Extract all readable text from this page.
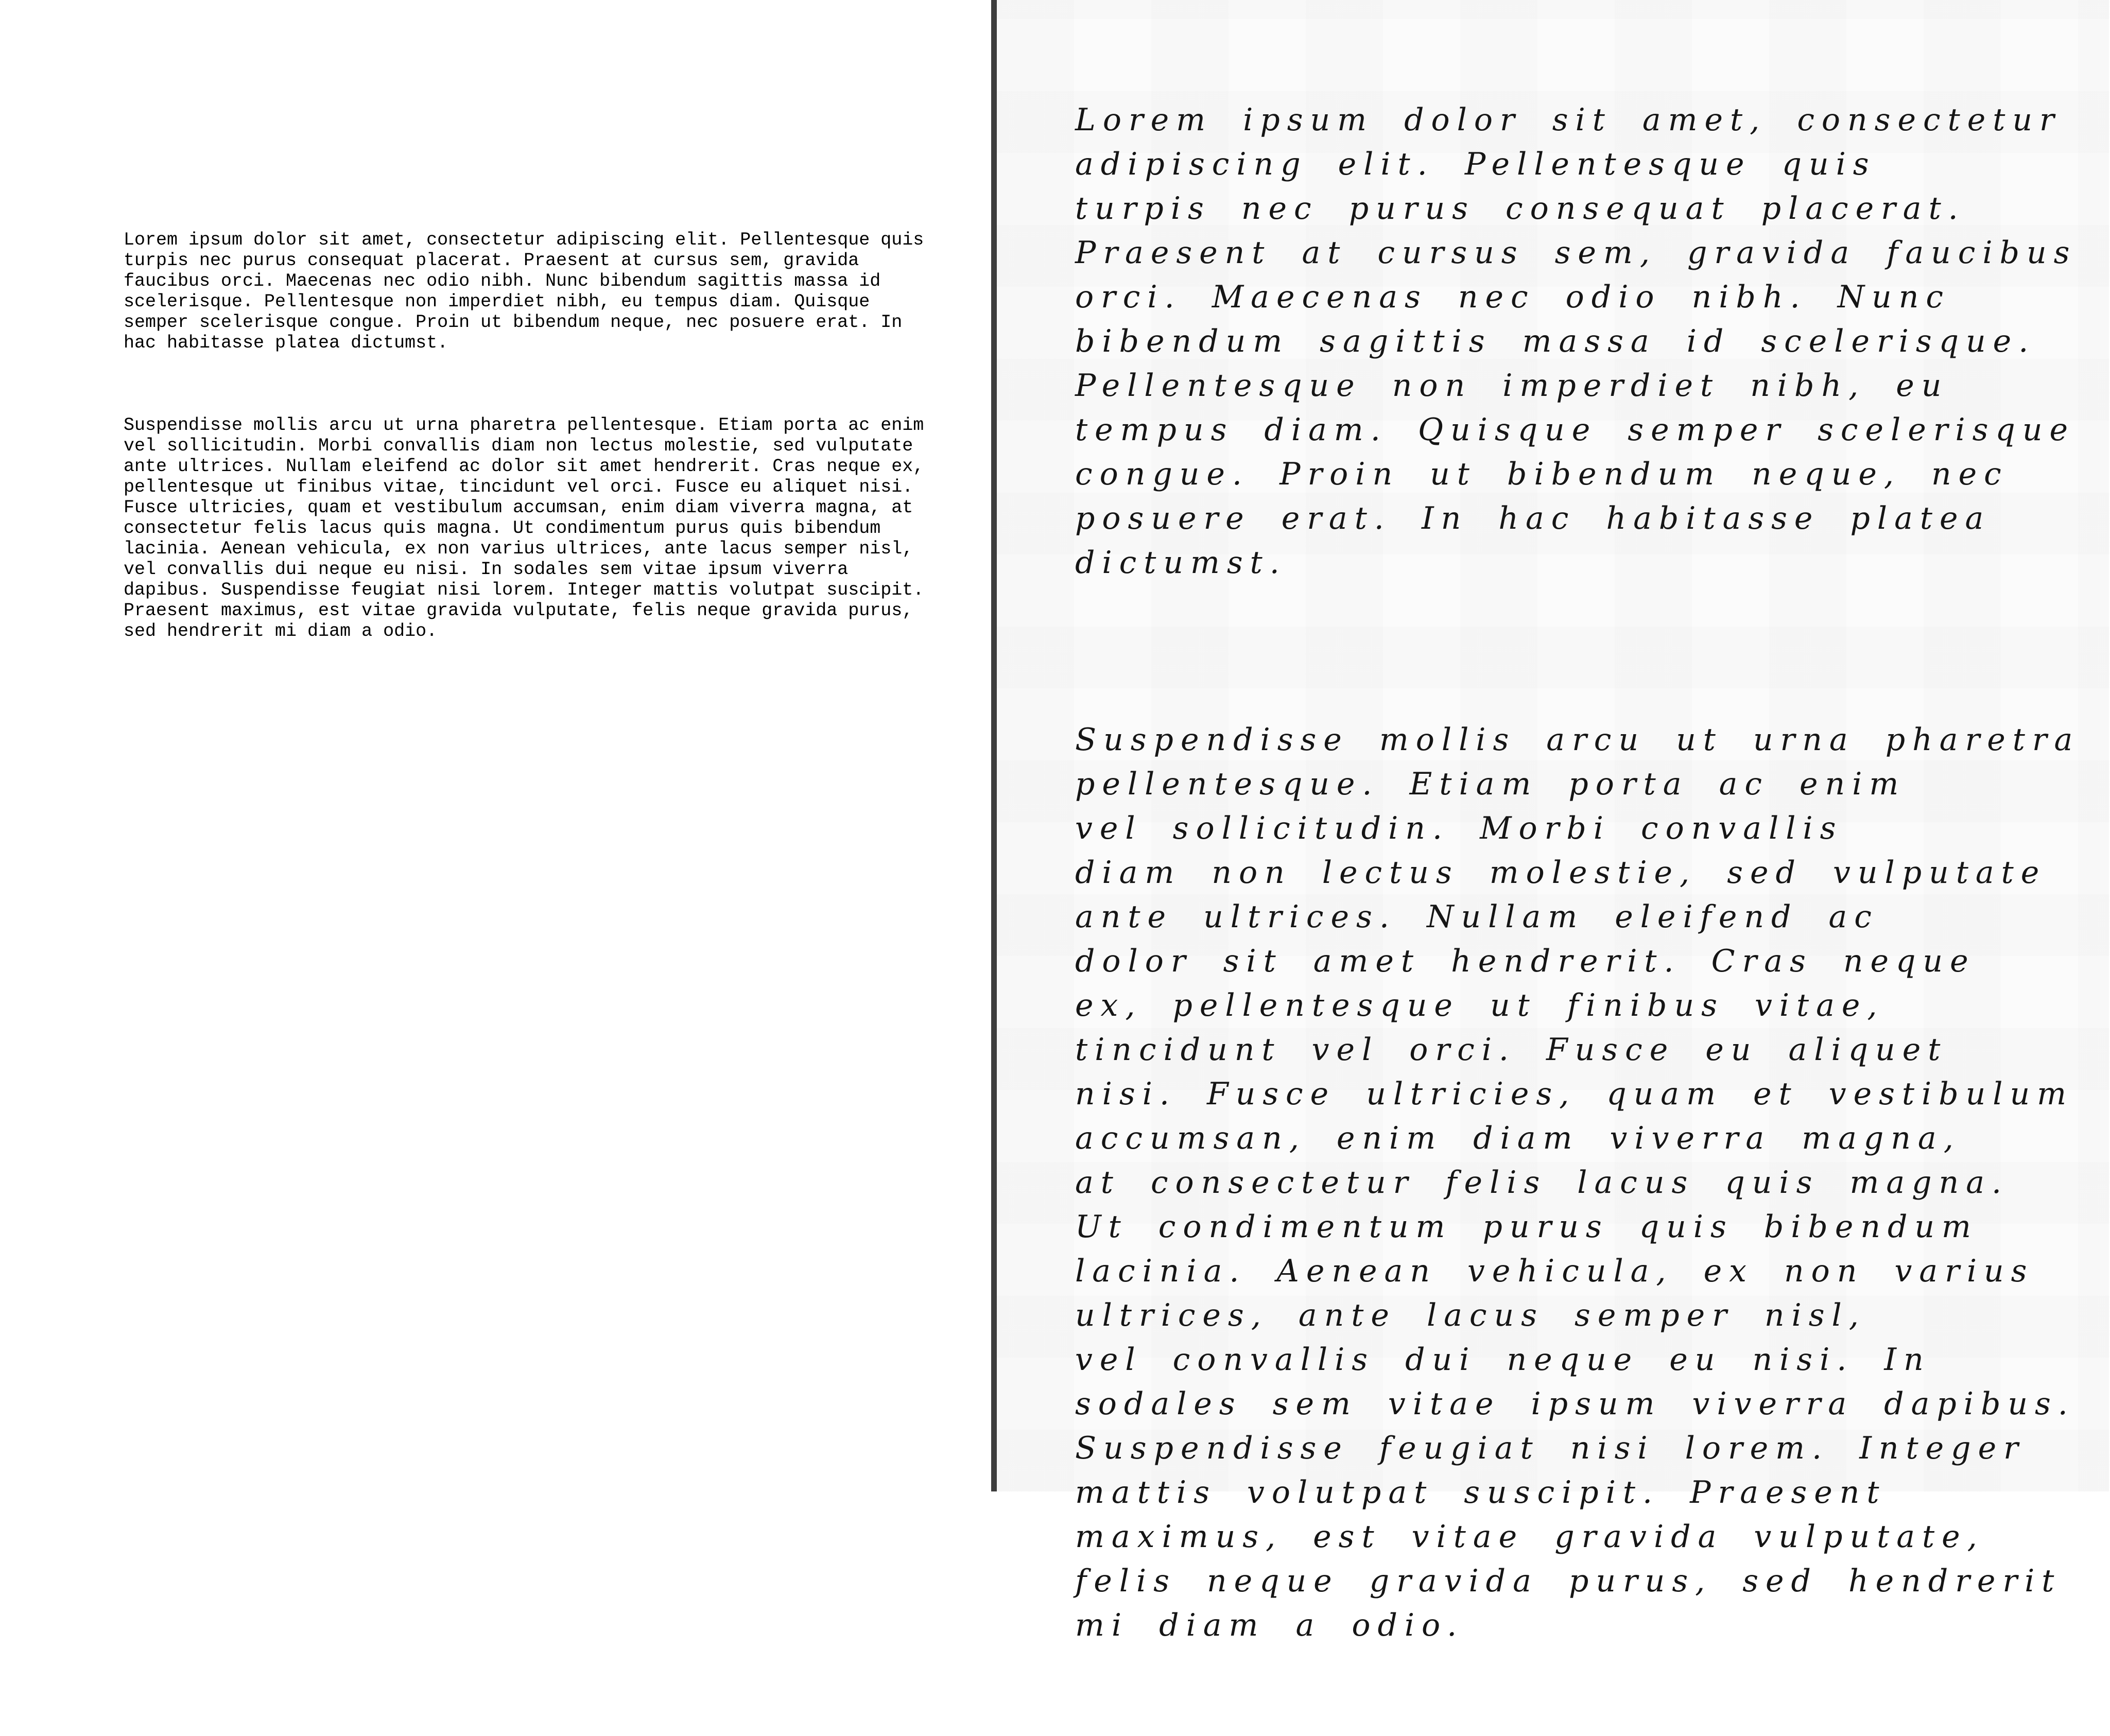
Lorem ipsum dolor sit amet, consectetur adipiscing elit. Pellentesque quis
turpis nec purus consequat placerat. Praesent at cursus sem, gravida
faucibus orci. Maecenas nec odio nibh. Nunc bibendum sagittis massa id
scelerisque. Pellentesque non imperdiet nibh, eu tempus diam. Quisque
semper scelerisque congue. Proin ut bibendum neque, nec posuere erat. In
hac habitasse platea dictumst.

Suspendisse mollis arcu ut urna pharetra pellentesque. Etiam porta ac enim
vel sollicitudin. Morbi convallis diam non lectus molestie, sed vulputate
ante ultrices. Nullam eleifend ac dolor sit amet hendrerit. Cras neque ex,
pellentesque ut finibus vitae, tincidunt vel orci. Fusce eu aliquet nisi.
Fusce ultricies, quam et vestibulum accumsan, enim diam viverra magna, at
consectetur felis lacus quis magna. Ut condimentum purus quis bibendum
lacinia. Aenean vehicula, ex non varius ultrices, ante lacus semper nisl,
vel convallis dui neque eu nisi. In sodales sem vitae ipsum viverra
dapibus. Suspendisse feugiat nisi lorem. Integer mattis volutpat suscipit.
Praesent maximus, est vitae gravida vulputate, felis neque gravida purus,
sed hendrerit mi diam a odio.

Lorem ipsum dolor sit amet, consectetur
adipiscing elit. Pellentesque quis
turpis nec purus consequat placerat.
Praesent at cursus sem, gravida faucibus
orci. Maecenas nec odio nibh. Nunc
bibendum sagittis massa id scelerisque.
Pellentesque non imperdiet nibh, eu
tempus diam. Quisque semper scelerisque
congue. Proin ut bibendum neque, nec
posuere erat. In hac habitasse platea
dictumst.

Suspendisse mollis arcu ut urna pharetra
pellentesque. Etiam porta ac enim
vel sollicitudin. Morbi convallis
diam non lectus molestie, sed vulputate
ante ultrices. Nullam eleifend ac
dolor sit amet hendrerit. Cras neque
ex, pellentesque ut finibus vitae,
tincidunt vel orci. Fusce eu aliquet
nisi. Fusce ultricies, quam et vestibulum
accumsan, enim diam viverra magna,
at consectetur felis lacus quis magna.
Ut condimentum purus quis bibendum
lacinia. Aenean vehicula, ex non varius
ultrices, ante lacus semper nisl,
vel convallis dui neque eu nisi. In
sodales sem vitae ipsum viverra dapibus.
Suspendisse feugiat nisi lorem. Integer
mattis volutpat suscipit. Praesent
maximus, est vitae gravida vulputate,
felis neque gravida purus, sed hendrerit
mi diam a odio.
